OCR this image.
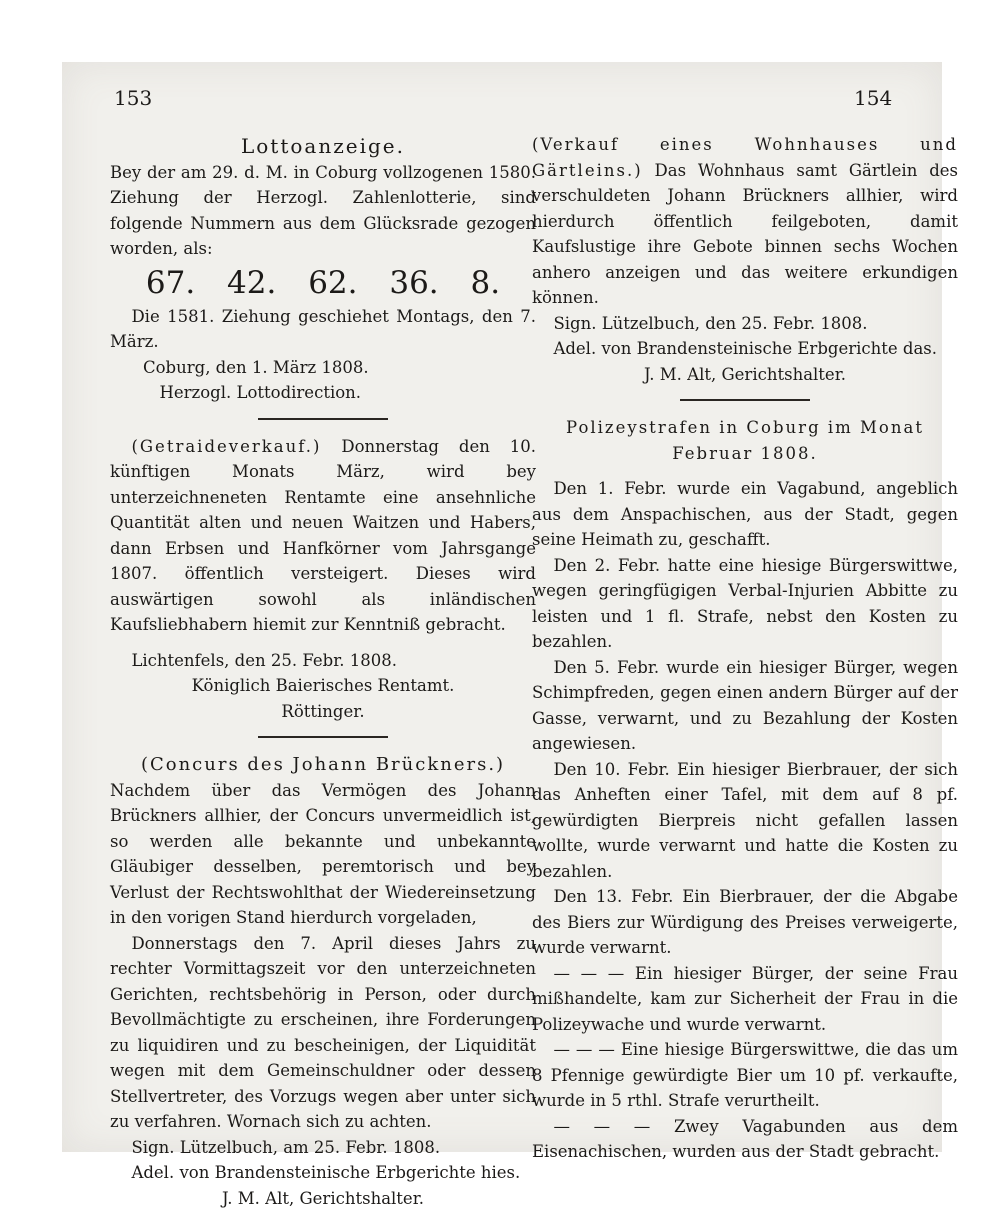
153	154

Lottoanzeige.

Bey der am 29. d. M. in Coburg vollzogenen 1580. Ziehung der Herzogl. Zahlenlotterie, sind folgende Nummern aus dem Glücksrade gezogen worden, als:

67. 42. 62. 36. 8.

Die 1581. Ziehung geschiehet Montags, den 7. März.

Coburg, den 1. März 1808.

Herzogl. Lottodirection.

(Getraideverkauf.) Donnerstag den 10. künftigen Monats März, wird bey unterzeichneneten Rentamte eine ansehnliche Quantität alten und neuen Waitzen und Habers, dann Erbsen und Hanfkörner vom Jahrsgange 1807. öffentlich versteigert. Dieses wird auswärtigen sowohl als inländischen Kaufsliebhabern hiemit zur Kenntniß gebracht.

Lichtenfels, den 25. Febr. 1808.

Königlich Baierisches Rentamt.

Röttinger.

(Concurs des Johann Brückners.)

Nachdem über das Vermögen des Johann Brückners allhier, der Concurs unvermeidlich ist, so werden alle bekannte und unbekannte Gläubiger desselben, peremtorisch und bey Verlust der Rechtswohlthat der Wiedereinsetzung in den vorigen Stand hierdurch vorgeladen,

Donnerstags den 7. April dieses Jahrs zu rechter Vormittagszeit vor den unterzeichneten Gerichten, rechtsbehörig in Person, oder durch Bevollmächtigte zu erscheinen, ihre Forderungen zu liquidiren und zu bescheinigen, der Liquidität wegen mit dem Gemeinschuldner oder dessen Stellvertreter, des Vorzugs wegen aber unter sich zu verfahren. Wornach sich zu achten.

Sign. Lützelbuch, am 25. Febr. 1808.

Adel. von Brandensteinische Erbgerichte hies.

J. M. Alt, Gerichtshalter.

(Verkauf eines Wohnhauses und Gärtleins.) Das Wohnhaus samt Gärtlein des verschuldeten Johann Brückners allhier, wird hierdurch öffentlich feilgeboten, damit Kaufslustige ihre Gebote binnen sechs Wochen anhero anzeigen und das weitere erkundigen können.

Sign. Lützelbuch, den 25. Febr. 1808.

Adel. von Brandensteinische Erbgerichte das.

J. M. Alt, Gerichtshalter.

Polizeystrafen in Coburg im Monat Februar 1808.

Den 1. Febr. wurde ein Vagabund, angeblich aus dem Anspachischen, aus der Stadt, gegen seine Heimath zu, geschafft.

Den 2. Febr. hatte eine hiesige Bürgerswittwe, wegen geringfügigen Verbal-Injurien Abbitte zu leisten und 1 fl. Strafe, nebst den Kosten zu bezahlen.

Den 5. Febr. wurde ein hiesiger Bürger, wegen Schimpfreden, gegen einen andern Bürger auf der Gasse, verwarnt, und zu Bezahlung der Kosten angewiesen.

Den 10. Febr. Ein hiesiger Bierbrauer, der sich das Anheften einer Tafel, mit dem auf 8 pf. gewürdigten Bierpreis nicht gefallen lassen wollte, wurde verwarnt und hatte die Kosten zu bezahlen.

Den 13. Febr. Ein Bierbrauer, der die Abgabe des Biers zur Würdigung des Preises verweigerte, wurde verwarnt.

— — — Ein hiesiger Bürger, der seine Frau mißhandelte, kam zur Sicherheit der Frau in die Polizeywache und wurde verwarnt.

— — — Eine hiesige Bürgerswittwe, die das um 8 Pfennige gewürdigte Bier um 10 pf. verkaufte, wurde in 5 rthl. Strafe verurtheilt.

— — — Zwey Vagabunden aus dem Eisenachischen, wurden aus der Stadt gebracht.
